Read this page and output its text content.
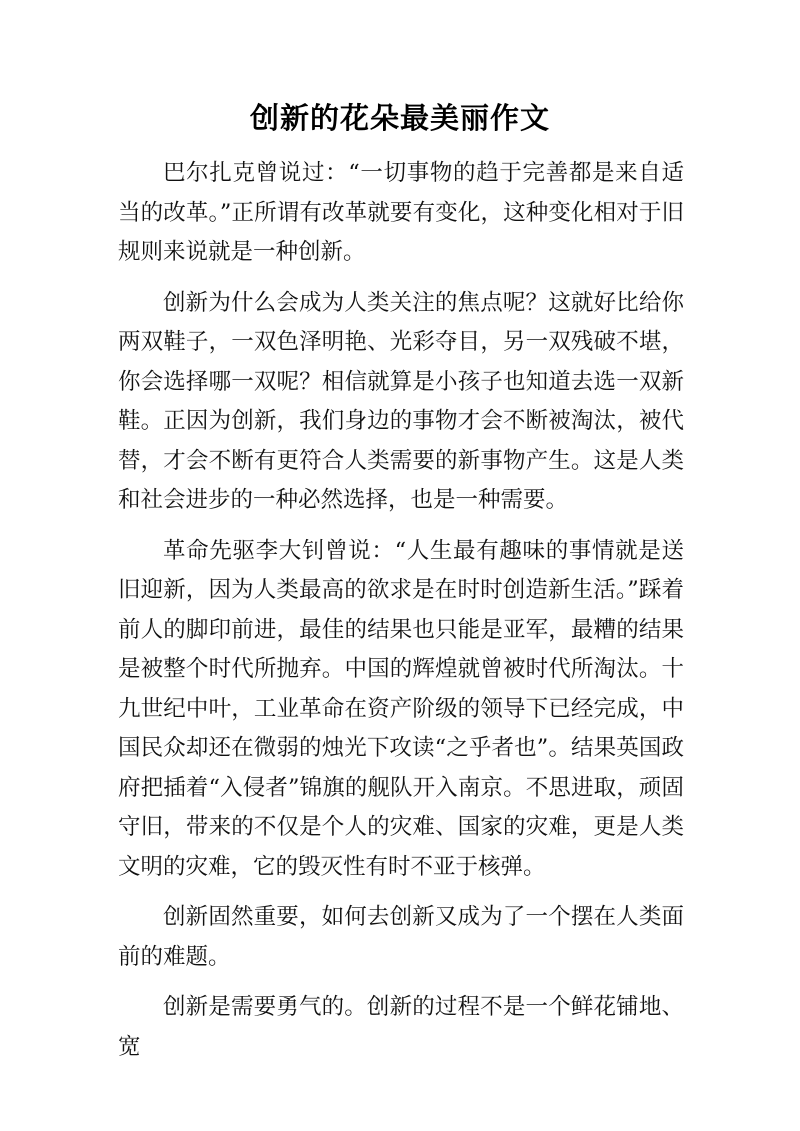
创新的花朵最美丽作文

巴尔扎克曾说过：“一切事物的趋于完善都是来自适当的改革。”正所谓有改革就要有变化，这种变化相对于旧规则来说就是一种创新。

创新为什么会成为人类关注的焦点呢？这就好比给你两双鞋子，一双色泽明艳、光彩夺目，另一双残破不堪，你会选择哪一双呢？相信就算是小孩子也知道去选一双新鞋。正因为创新，我们身边的事物才会不断被淘汰，被代替，才会不断有更符合人类需要的新事物产生。这是人类和社会进步的一种必然选择，也是一种需要。

革命先驱李大钊曾说：“人生最有趣味的事情就是送旧迎新，因为人类最高的欲求是在时时创造新生活。”踩着前人的脚印前进，最佳的结果也只能是亚军，最糟的结果是被整个时代所抛弃。中国的辉煌就曾被时代所淘汰。十九世纪中叶，工业革命在资产阶级的领导下已经完成，中国民众却还在微弱的烛光下攻读“之乎者也”。结果英国政府把插着“入侵者”锦旗的舰队开入南京。不思进取，顽固守旧，带来的不仅是个人的灾难、国家的灾难，更是人类文明的灾难，它的毁灭性有时不亚于核弹。

创新固然重要，如何去创新又成为了一个摆在人类面前的难题。

创新是需要勇气的。创新的过程不是一个鲜花铺地、宽
